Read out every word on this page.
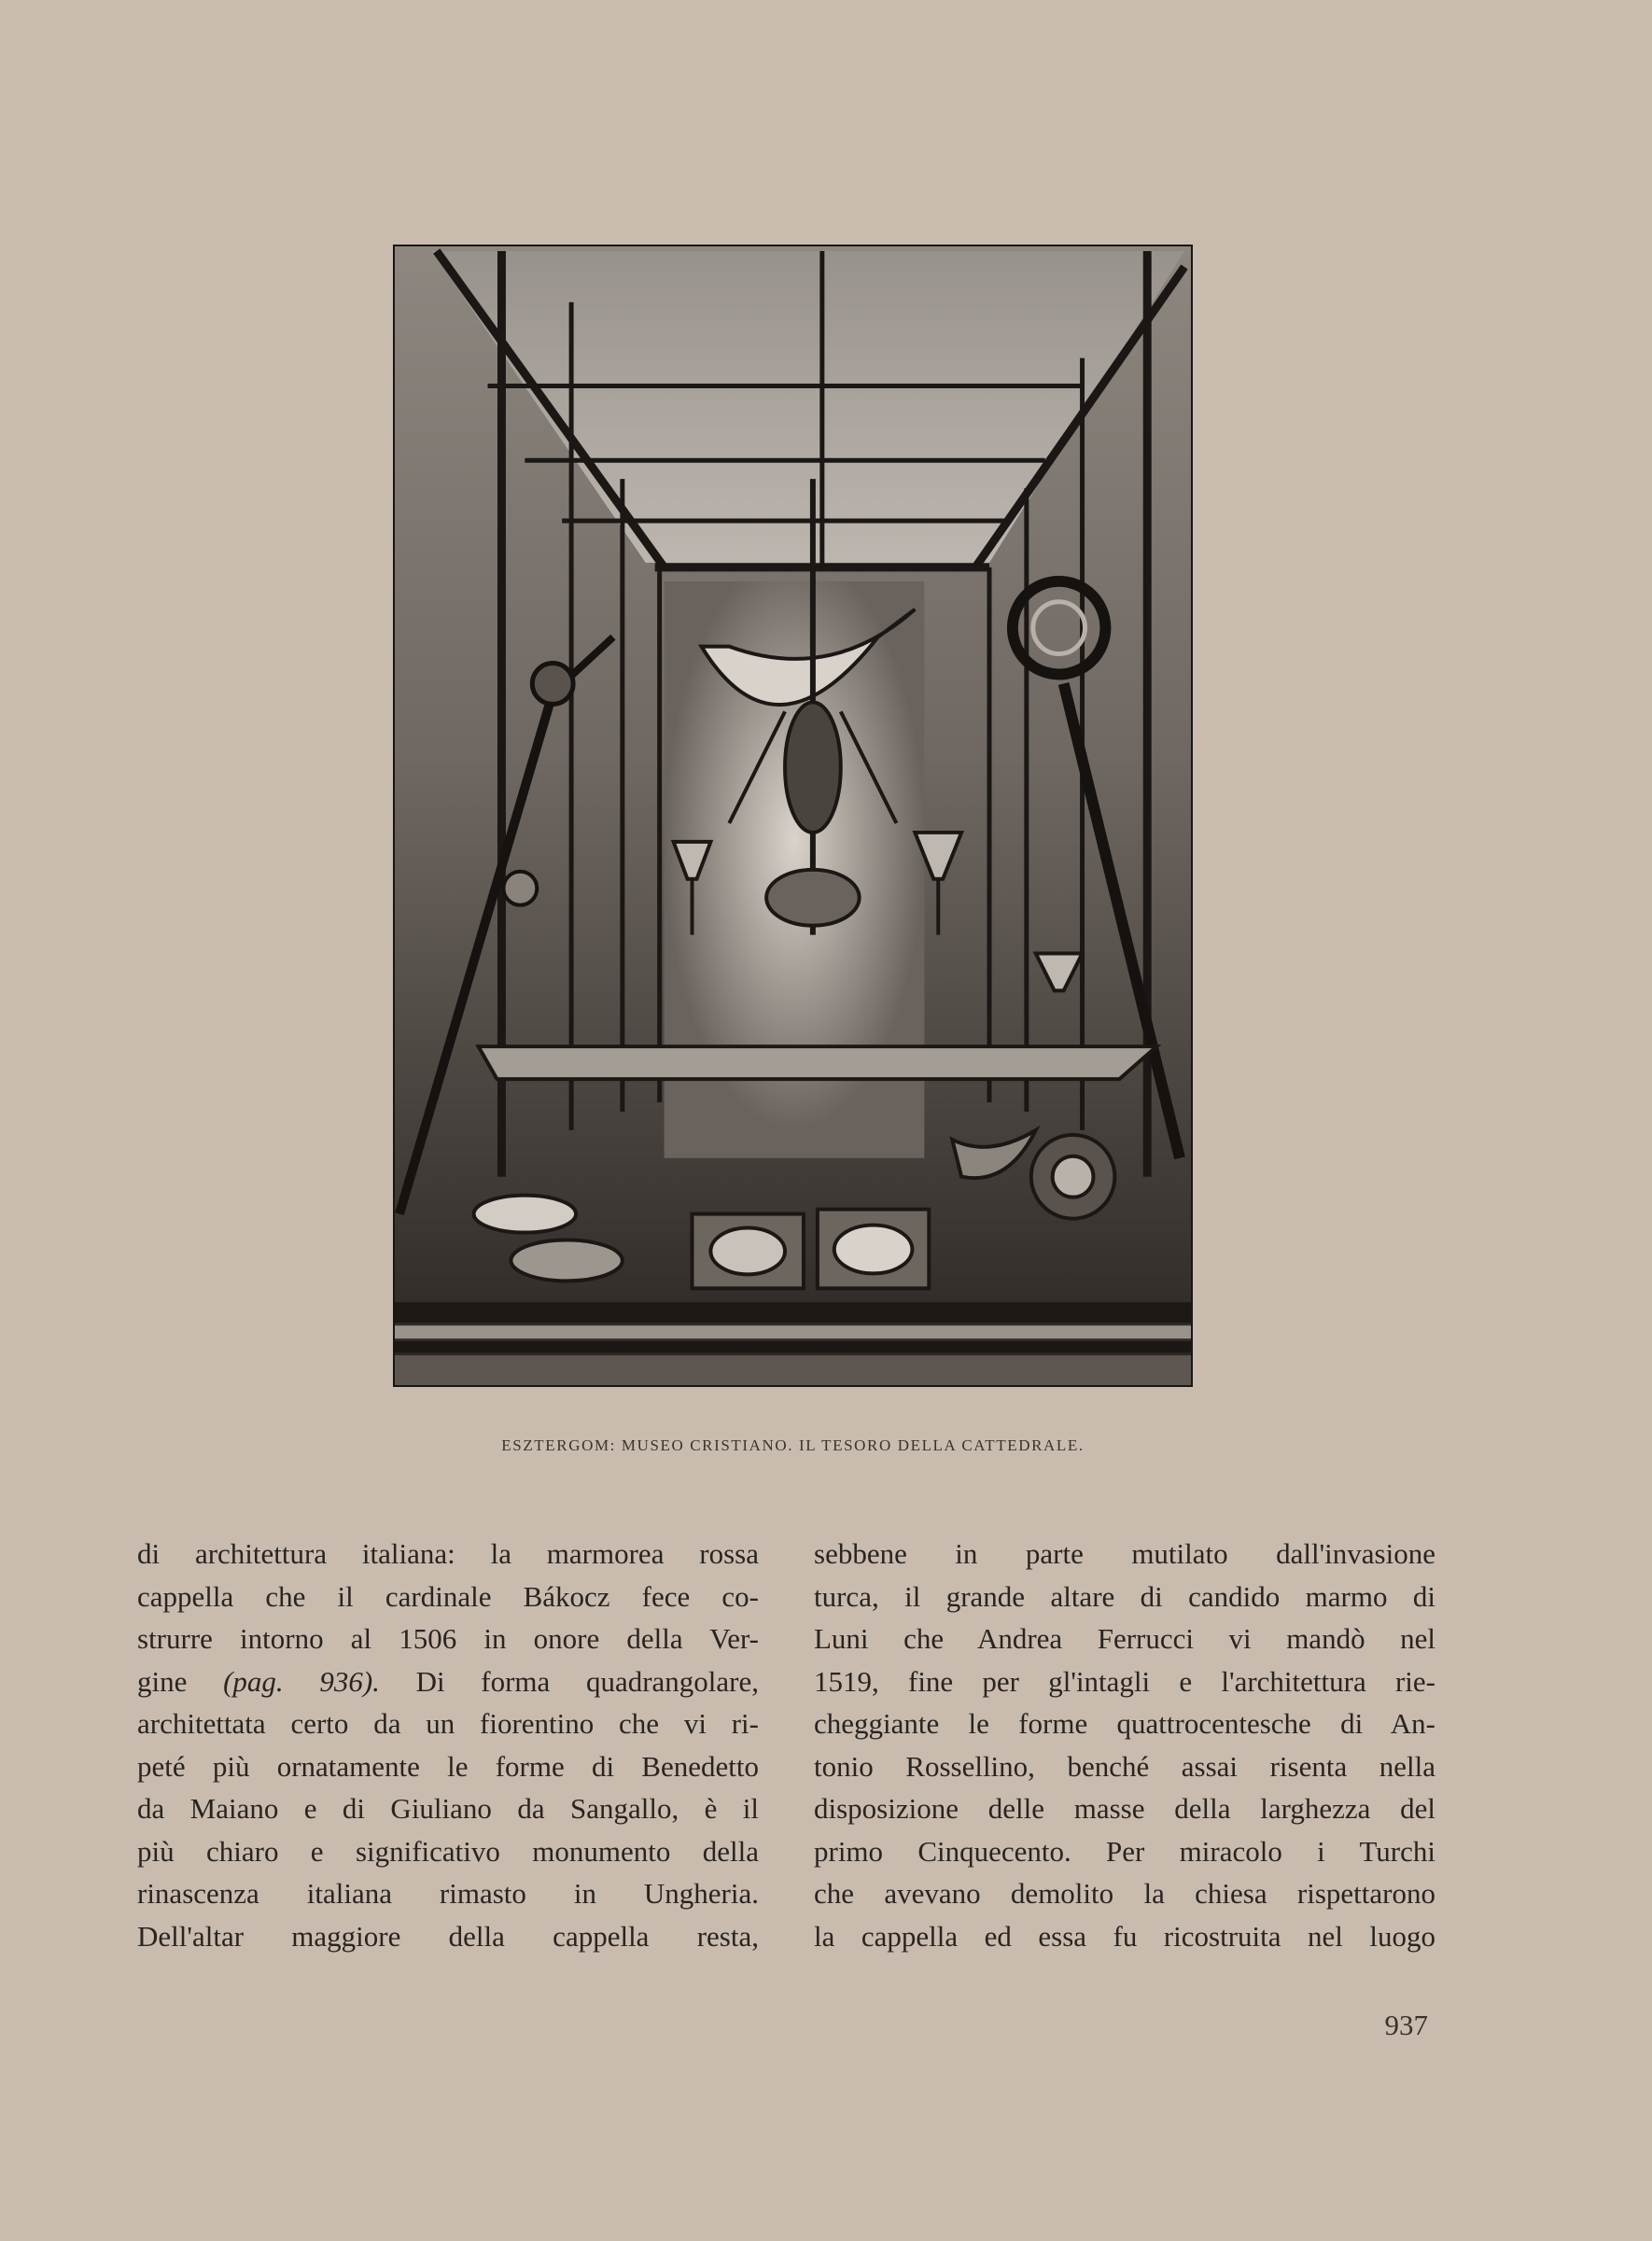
ESZTERGOM: MUSEO CRISTIANO. IL TESORO DELLA CATTEDRALE.
di architettura italiana: la marmorea rossa
cappella che il cardinale Bákocz fece co-
strurre intorno al 1506 in onore della Ver-
gine (pag. 936). Di forma quadrangolare,
architettata certo da un fiorentino che vi ri-
peté più ornatamente le forme di Benedetto
da Maiano e di Giuliano da Sangallo, è il
più chiaro e significativo monumento della
rinascenza italiana rimasto in Ungheria.
Dell'altar maggiore della cappella resta,
sebbene in parte mutilato dall'invasione
turca, il grande altare di candido marmo di
Luni che Andrea Ferrucci vi mandò nel
1519, fine per gl'intagli e l'architettura rie-
cheggiante le forme quattrocentesche di An-
tonio Rossellino, benché assai risenta nella
disposizione delle masse della larghezza del
primo Cinquecento. Per miracolo i Turchi
che avevano demolito la chiesa rispettarono
la cappella ed essa fu ricostruita nel luogo
937
